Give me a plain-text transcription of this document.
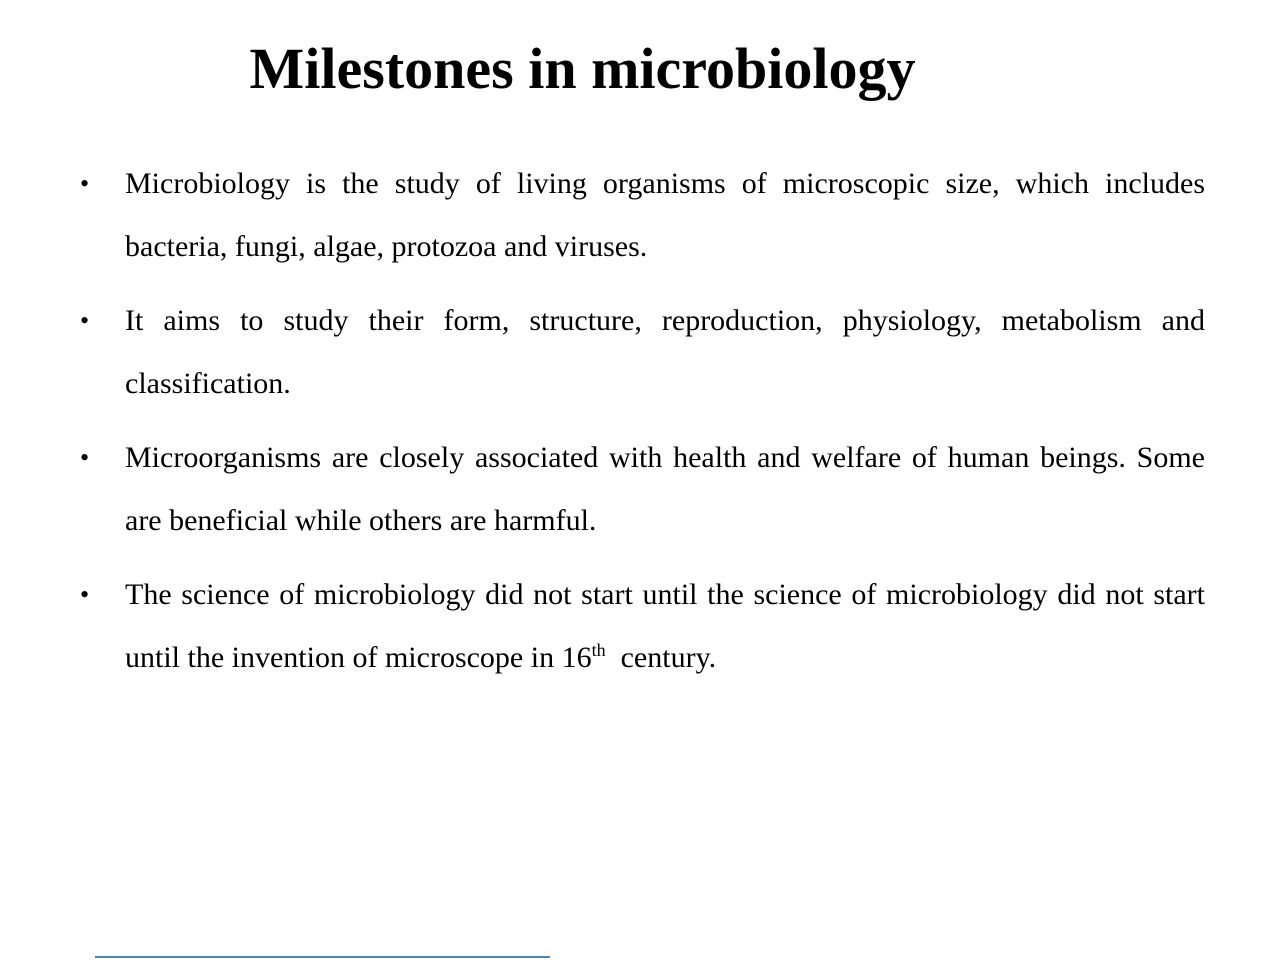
Milestones in microbiology
•	Microbiology is the study of living organisms of microscopic size, which includes bacteria, fungi, algae, protozoa and viruses.
•	It aims to study their form, structure, reproduction, physiology, metabolism and classification.
•	Microorganisms are closely associated with health and welfare of human beings. Some are beneficial while others are harmful.
•	The science of microbiology did not start until the science of microbiology did not start until the invention of microscope in 16th  century.
